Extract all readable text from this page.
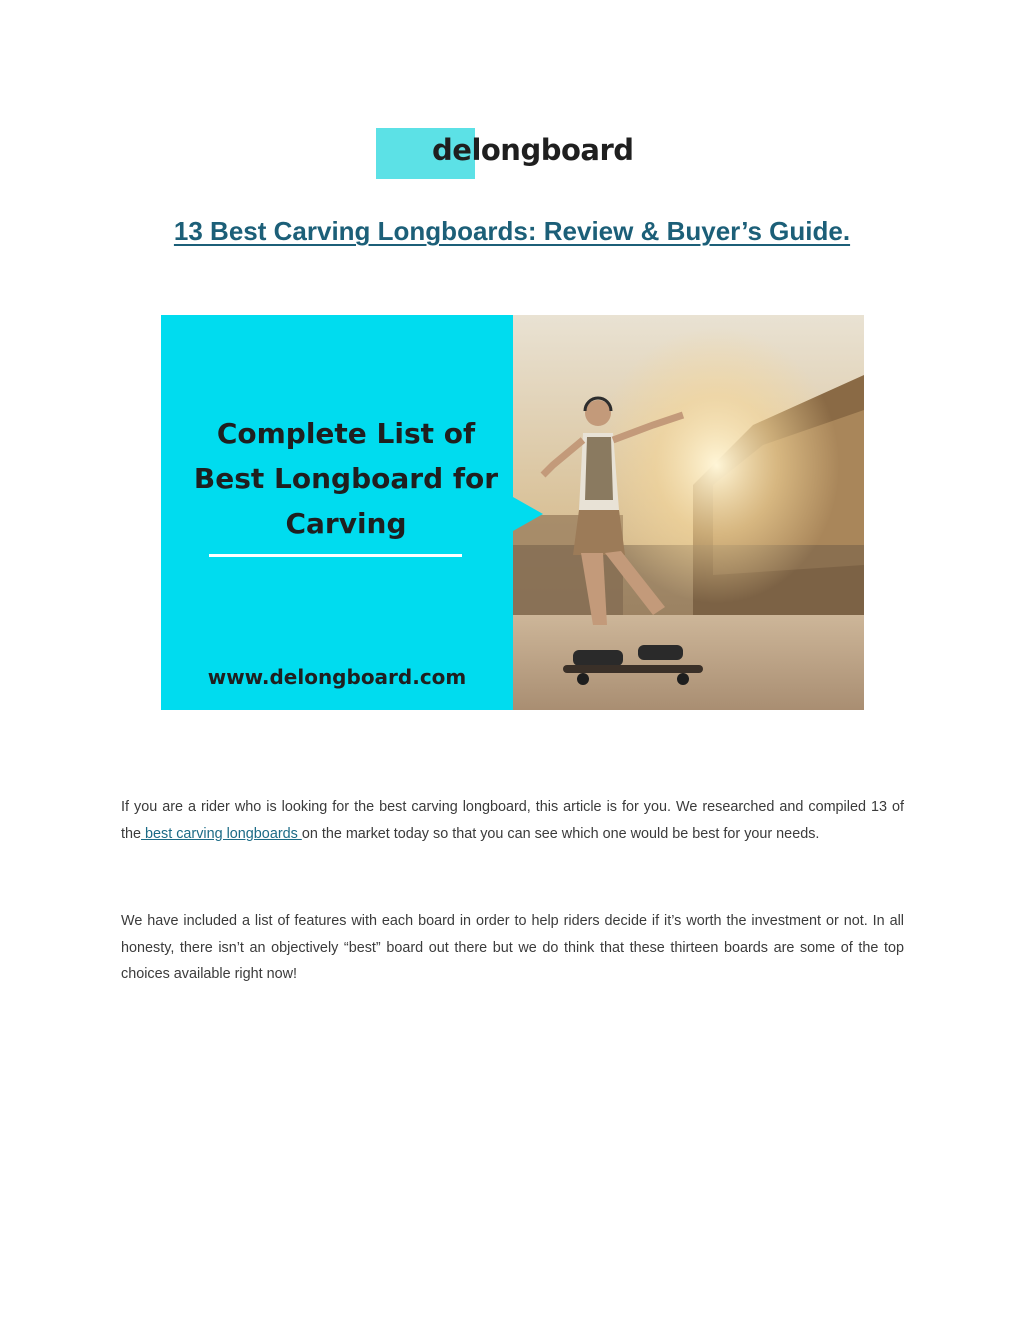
delongboard
13 Best Carving Longboards: Review & Buyer’s Guide.
Complete List of
Best Longboard for
Carving
www.delongboard.com

If you are a rider who is looking for the best carving longboard, this article is for you. We researched and compiled 13 of the best carving longboards on the market today so that you can see which one would be best for your needs.

We have included a list of features with each board in order to help riders decide if it’s worth the investment or not. In all honesty, there isn’t an objectively “best” board out there but we do think that these thirteen boards are some of the top choices available right now!
